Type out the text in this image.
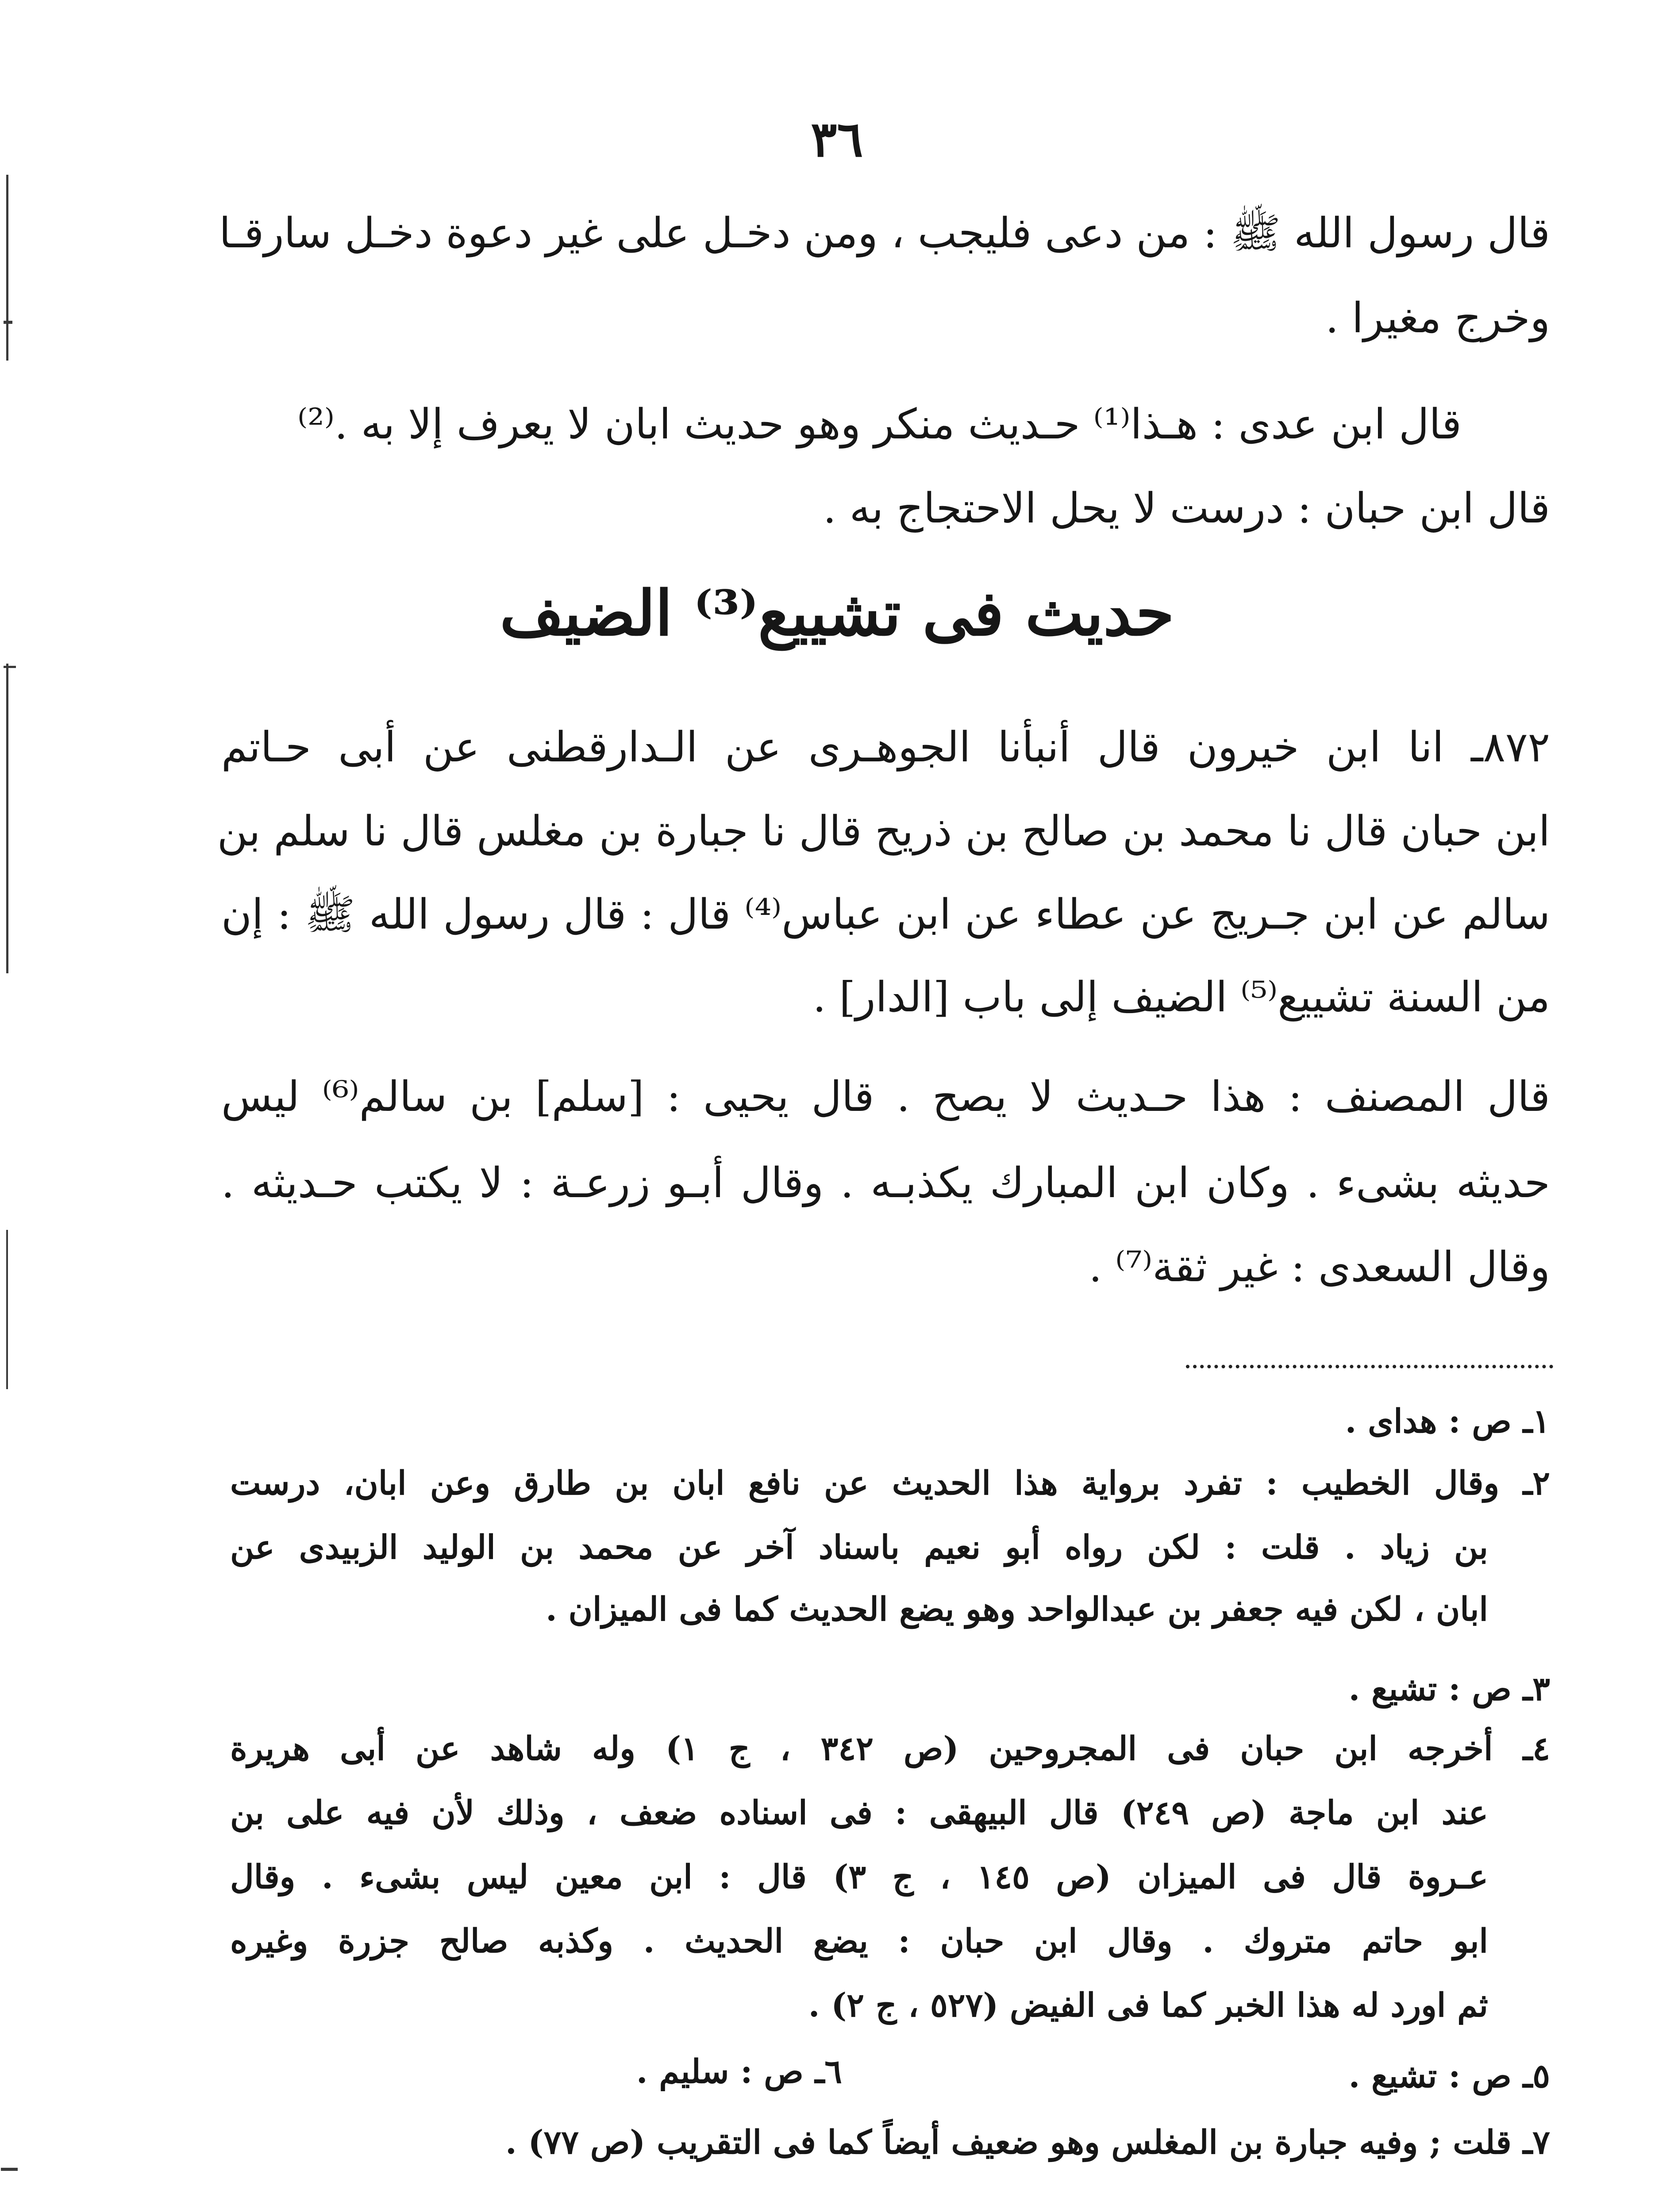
٣٦
قال رسول الله ﷺ : من دعى فليجب ، ومن دخـل على غير دعوة دخـل سارقـا
وخرج مغيرا .
قال ابن عدى : هـذا⁽¹⁾ حـديث منكر وهو حديث ابان لا يعرف إلا به .⁽²⁾
قال ابن حبان : درست لا يحل الاحتجاج به .
حديث فى تشييع⁽³⁾ الضيف
٨٧٢ـ انا ابن خيرون قال أنبأنا الجوهـرى عن الـدارقطنى عن أبى حـاتم
ابن حبان قال نا محمد بن صالح بن ذريح قال نا جبارة بن مغلس قال نا سلم بن
سالم عن ابن جـريج عن عطاء عن ابن عباس⁽⁴⁾ قال : قال رسول الله ﷺ : إن
من السنة تشييع⁽⁵⁾ الضيف إلى باب [الدار] .
قال المصنف : هذا حـديث لا يصح . قال يحيى : [سلم] بن سالم⁽⁶⁾ ليس
حديثه بشىء . وكان ابن المبارك يكذبـه . وقال أبـو زرعـة : لا يكتب حـديثه .
وقال السعدى : غير ثقة⁽⁷⁾ .
١ـ ص : هداى .
٢ـ وقال الخطيب : تفرد برواية هذا الحديث عن نافع ابان بن طارق وعن ابان، درست
بن زياد . قلت : لكن رواه أبو نعيم باسناد آخر عن محمد بن الوليد الزبيدى عن
ابان ، لكن فيه جعفر بن عبدالواحد وهو يضع الحديث كما فى الميزان .
٣ـ ص : تشيع .
٤ـ أخرجه ابن حبان فى المجروحين (ص ٣٤٢ ، ج ١) وله شاهد عن أبى هريرة
عند ابن ماجة (ص ٢٤٩) قال البيهقى : فى اسناده ضعف ، وذلك لأن فيه على بن
عـروة قال فى الميزان (ص ١٤٥ ، ج ٣) قال : ابن معين ليس بشىء . وقال
ابو حاتم متروك . وقال ابن حبان : يضع الحديث . وكذبه صالح جزرة وغيره
ثم اورد له هذا الخبر كما فى الفيض (٥٢٧ ، ج ٢) .
٥ـ ص : تشيع .
٦ـ ص : سليم .
٧ـ قلت ; وفيه جبارة بن المغلس وهو ضعيف أيضاً كما فى التقريب (ص ٧٧) .
